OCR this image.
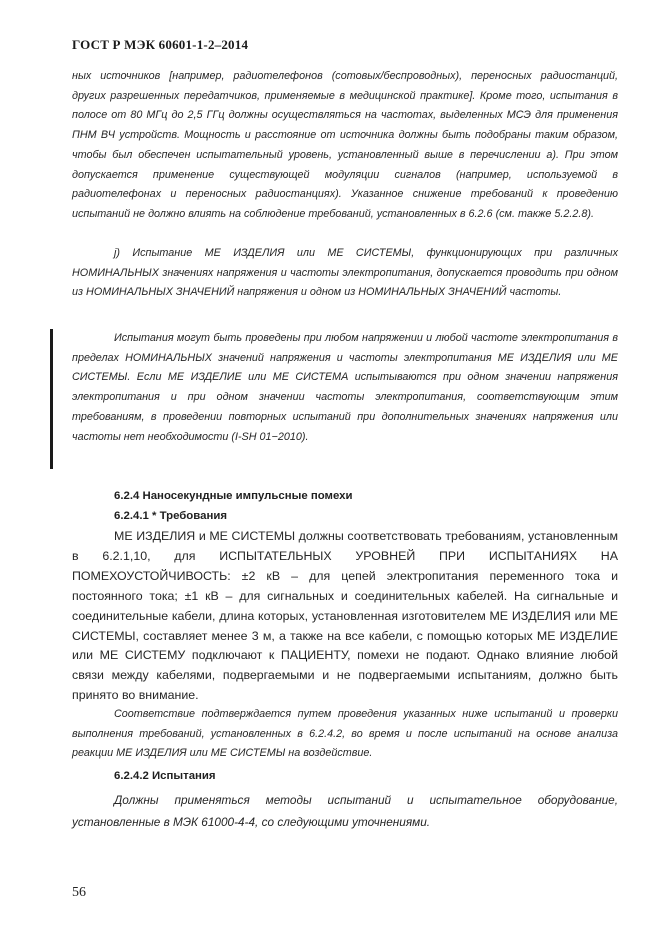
ГОСТ Р МЭК 60601-1-2–2014

ных источников [например, радиотелефонов (сотовых/беспроводных), переносных радиостанций, других разрешенных передатчиков, применяемые в медицинской практике]. Кроме того, испытания в полосе от 80 МГц до 2,5 ГГц должны осуществляться на частотах, выделенных МСЭ для применения ПНМ ВЧ устройств. Мощность и расстояние от источника должны быть подобраны таким образом, чтобы был обеспечен испытательный уровень, установленный выше в перечислении а). При этом допускается применение существующей модуляции сигналов (например, используемой в радиотелефонах и переносных радиостанциях). Указанное снижение требований к проведению испытаний не должно влиять на соблюдение требований, установленных в 6.2.6 (см. также 5.2.2.8).

j) Испытание МЕ ИЗДЕЛИЯ или МЕ СИСТЕМЫ, функционирующих при различных НОМИНАЛЬНЫХ значениях напряжения и частоты электропитания, допускается проводить при одном из НОМИНАЛЬНЫХ ЗНАЧЕНИЙ напряжения и одном из НОМИНАЛЬНЫХ ЗНАЧЕНИЙ частоты.

Испытания могут быть проведены при любом напряжении и любой частоте электропитания в пределах НОМИНАЛЬНЫХ значений напряжения и частоты электропитания МЕ ИЗДЕЛИЯ или МЕ СИСТЕМЫ. Если МЕ ИЗДЕЛИЕ или МЕ СИСТЕМА испытываются при одном значении напряжения электропитания и при одном значении частоты электропитания, соответствующим этим требованиям, в проведении повторных испытаний при дополнительных значениях напряжения или частоты нет необходимости (I-SH 01−2010).

6.2.4 Наносекундные импульсные помехи
6.2.4.1 * Требования

МЕ ИЗДЕЛИЯ и МЕ СИСТЕМЫ должны соответствовать требованиям, установленным в 6.2.1,10, для ИСПЫТАТЕЛЬНЫХ УРОВНЕЙ ПРИ ИСПЫТАНИЯХ НА ПОМЕХОУСТОЙЧИВОСТЬ: ±2 кВ – для цепей электропитания переменного тока и постоянного тока; ±1 кВ – для сигнальных и соединительных кабелей. На сигнальные и соединительные кабели, длина которых, установленная изготовителем МЕ ИЗДЕЛИЯ или МЕ СИСТЕМЫ, составляет менее 3 м, а также на все кабели, с помощью которых МЕ ИЗДЕЛИЕ или МЕ СИСТЕМУ подключают к ПАЦИЕНТУ, помехи не подают. Однако влияние любой связи между кабелями, подвергаемыми и не подвергаемыми испытаниям, должно быть принято во внимание.

Соответствие подтверждается путем проведения указанных ниже испытаний и проверки выполнения требований, установленных в 6.2.4.2, во время и после испытаний на основе анализа реакции МЕ ИЗДЕЛИЯ или МЕ СИСТЕМЫ на воздействие.

6.2.4.2 Испытания

Должны применяться методы испытаний и испытательное оборудование, установленные в МЭК 61000-4-4, со следующими уточнениями.

56
